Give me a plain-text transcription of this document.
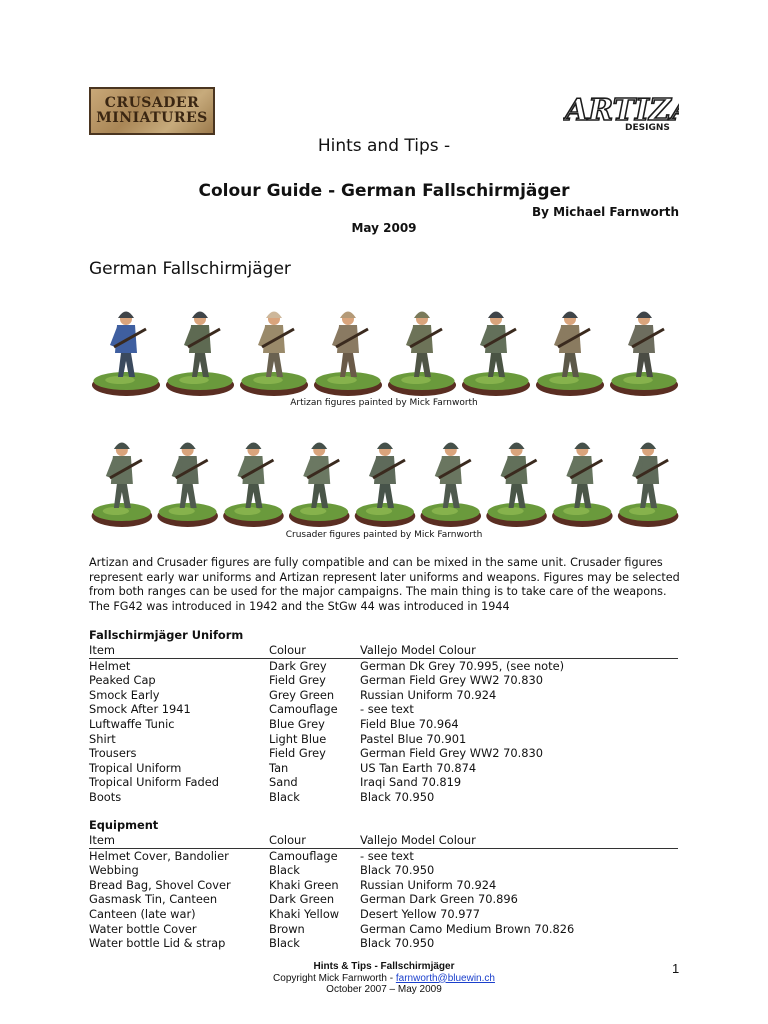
CRUSADER
MINIATURES	ARTIZ
DESIGNS
Hints and Tips -
Colour Guide - German Fallschirmjäger
By Michael Farnworth
May 2009
German Fallschirmjäger
Artizan figures painted by Mick Farnworth
Crusader figures painted by Mick Farnworth
Artizan and Crusader figures are fully compatible and can be mixed in the same unit. Crusader figures represent early war uniforms and Artizan represent later uniforms and weapons. Figures may be selected from both ranges can be used for the major campaigns. The main thing is to take care of the weapons. The FG42 was introduced in 1942 and the StGw 44 was introduced in 1944
Fallschirmjäger Uniform
Item	Colour	Vallejo Model Colour
Helmet	Dark Grey	German Dk Grey 70.995, (see note)
Peaked Cap	Field Grey	German Field Grey WW2 70.830
Smock Early	Grey Green	Russian Uniform 70.924
Smock After 1941	Camouflage	- see text
Luftwaffe Tunic	Blue Grey	Field Blue 70.964
Shirt	Light Blue	Pastel Blue 70.901
Trousers	Field Grey	German Field Grey WW2 70.830
Tropical Uniform	Tan	US Tan Earth 70.874
Tropical Uniform Faded	Sand	Iraqi Sand 70.819
Boots	Black	Black 70.950
Equipment
Item	Colour	Vallejo Model Colour
Helmet Cover, Bandolier	Camouflage	- see text
Webbing	Black	Black 70.950
Bread Bag, Shovel Cover	Khaki Green	Russian Uniform 70.924
Gasmask Tin, Canteen	Dark Green	German Dark Green 70.896
Canteen (late war)	Khaki Yellow	Desert Yellow 70.977
Water bottle Cover	Brown	German Camo Medium Brown 70.826
Water bottle Lid & strap	Black	Black 70.950
Hints & Tips - Fallschirmjäger
Copyright Mick Farnworth - farnworth@bluewin.ch
October 2007 – May 2009
1
